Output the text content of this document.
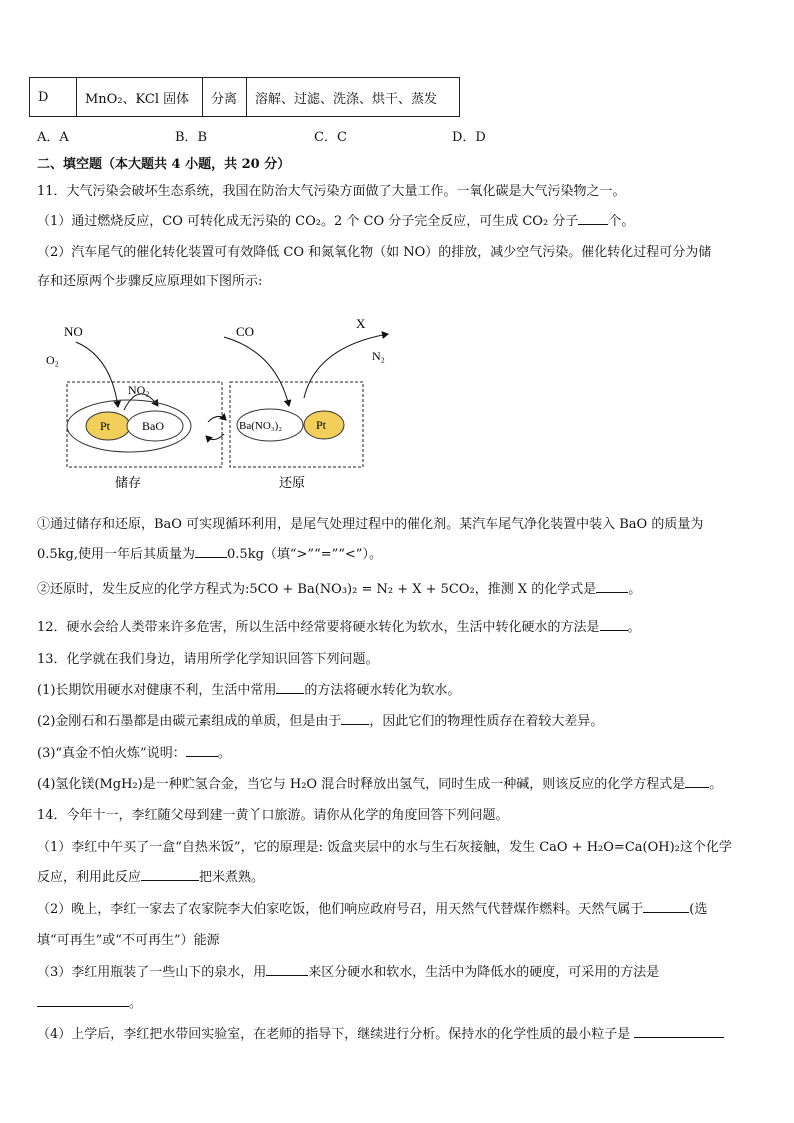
D	MnO₂、KCl 固体	分离	溶解、过滤、洗涤、烘干、蒸发
A．A	B．B	C．C	D．D
二、填空题（本大题共 4 小题，共 20 分）
11．大气污染会破坏生态系统，我国在防治大气污染方面做了大量工作。一氧化碳是大气污染物之一。
（1）通过燃烧反应，CO 可转化成无污染的 CO₂。2 个 CO 分子完全反应，可生成 CO₂ 分子 个。
（2）汽车尾气的催化转化装置可有效降低 CO 和氮氧化物（如 NO）的排放，减少空气污染。催化转化过程可分为储
存和还原两个步骤反应原理如下图所示:
NO
O₂
NO₂
Pt	BaO
CO
X
N₂
Ba(NO₃)₂	Pt
储存	还原
①通过储存和还原，BaO 可实现循环利用，是尾气处理过程中的催化剂。某汽车尾气净化装置中装入 BaO 的质量为
0.5kg,使用一年后其质量为 0.5kg（填“>”“=”“<”）。
②还原时，发生反应的化学方程式为:5CO + Ba(NO₃)₂ = N₂ + X + 5CO₂，推测 X 的化学式是 。
12．硬水会给人类带来许多危害，所以生活中经常要将硬水转化为软水，生活中转化硬水的方法是 。
13．化学就在我们身边，请用所学化学知识回答下列问题。
(1)长期饮用硬水对健康不利，生活中常用 的方法将硬水转化为软水。
(2)金刚石和石墨都是由碳元素组成的单质，但是由于 ，因此它们的物理性质存在着较大差异。
(3)“真金不怕火炼”说明： 。
(4)氢化镁(MgH₂)是一种贮氢合金，当它与 H₂O 混合时释放出氢气，同时生成一种碱，则该反应的化学方程式是 。
14．今年十一，李红随父母到建一黄丫口旅游。请你从化学的角度回答下列问题。
（1）李红中午买了一盒“自热米饭”，它的原理是: 饭盒夹层中的水与生石灰接触，发生 CaO + H₂O=Ca(OH)₂这个化学
反应，利用此反应	把米煮熟。
（2）晚上，李红一家去了农家院李大伯家吃饭，他们响应政府号召，用天然气代替煤作燃料。天然气属于	(选
填“可再生”或“不可再生”）能源
（3）李红用瓶装了一些山下的泉水，用	来区分硬水和软水，生活中为降低水的硬度，可采用的方法是
。
（4）上学后，李红把水带回实验室，在老师的指导下，继续进行分析。保持水的化学性质的最小粒子是
